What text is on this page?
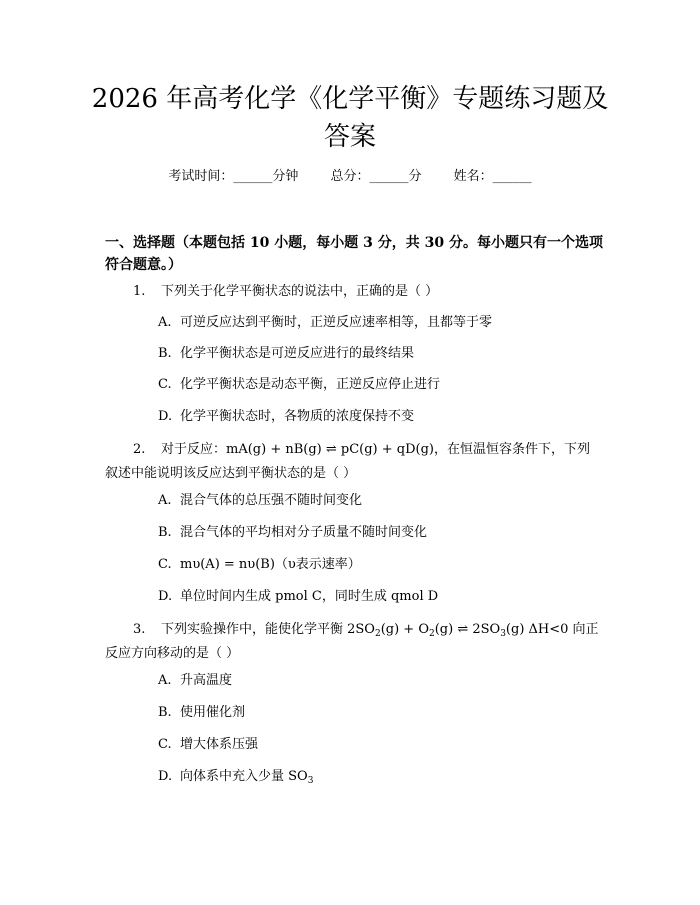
2026 年高考化学《化学平衡》专题练习题及答案
考试时间：______分钟 总分：______分 姓名：______
一、选择题（本题包括 10 小题，每小题 3 分，共 30 分。每小题只有一个选项符合题意。）
1. 下列关于化学平衡状态的说法中，正确的是（ ）
A. 可逆反应达到平衡时，正逆反应速率相等，且都等于零
B. 化学平衡状态是可逆反应进行的最终结果
C. 化学平衡状态是动态平衡，正逆反应停止进行
D. 化学平衡状态时，各物质的浓度保持不变
2. 对于反应：mA(g) + nB(g) ⇌ pC(g) + qD(g)，在恒温恒容条件下，下列叙述中能说明该反应达到平衡状态的是（ ）
A. 混合气体的总压强不随时间变化
B. 混合气体的平均相对分子质量不随时间变化
C. mυ(A) = nυ(B)（υ表示速率）
D. 单位时间内生成 pmol C，同时生成 qmol D
3. 下列实验操作中，能使化学平衡 $2SO_2(g) + O_2(g)$ ⇌ $2SO_3(g)$ ΔH<0 向正反应方向移动的是（ ）
A. 升高温度
B. 使用催化剂
C. 增大体系压强
D. 向体系中充入少量 $SO_3$
